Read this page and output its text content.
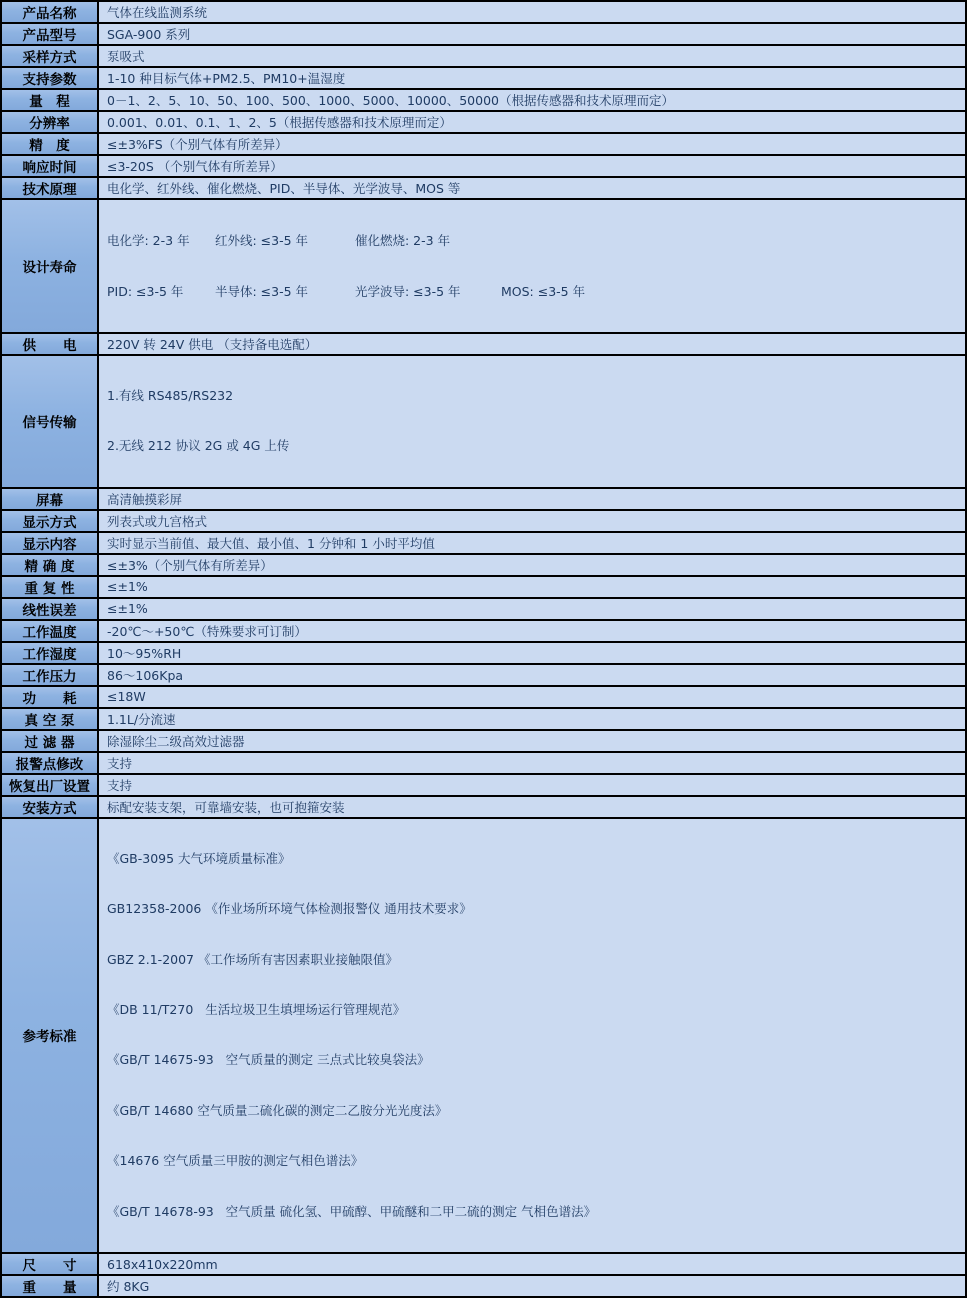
产品名称	气体在线监测系统
产品型号	SGA-900 系列
采样方式	泵吸式
支持参数	1-10 种目标气体+PM2.5、PM10+温湿度
量　程	0－1、2、5、10、50、100、500、1000、5000、10000、50000（根据传感器和技术原理而定）
分辨率	0.001、0.01、0.1、1、2、5（根据传感器和技术原理而定）
精　度	≤±3%FS（个别气体有所差异）
响应时间	≤3-20S （个别气体有所差异）
技术原理	电化学、红外线、催化燃烧、PID、半导体、光学波导、MOS 等
设计寿命	

电化学: 2-3 年	红外线: ≤3-5 年	催化燃烧: 2-3 年

PID: ≤3-5 年	半导体: ≤3-5 年	光学波导: ≤3-5 年	MOS: ≤3-5 年

供　　电	220V 转 24V 供电 （支持备电选配）
信号传输	1.有线 RS485/RS232

2.无线 212 协议 2G 或 4G 上传

屏幕	高清触摸彩屏
显示方式	列表式或九宫格式
显示内容	实时显示当前值、最大值、最小值、1 分钟和 1 小时平均值
精 确 度	≤±3%（个别气体有所差异）
重 复 性	≤±1%
线性误差	≤±1%
工作温度	-20℃～+50℃（特殊要求可订制）
工作湿度	10～95%RH
工作压力	86～106Kpa
功　　耗	≤18W
真 空 泵	1.1L/分流速
过 滤 器	除湿除尘二级高效过滤器
报警点修改	支持
恢复出厂设置	支持
安装方式	标配安装支架，可靠墙安装，也可抱箍安装
参考标准	

《GB-3095 大气环境质量标准》

GB12358-2006 《作业场所环境气体检测报警仪 通用技术要求》

GBZ 2.1-2007 《工作场所有害因素职业接触限值》

《DB 11/T270   生活垃圾卫生填埋场运行管理规范》

《GB/T 14675-93   空气质量的测定 三点式比较臭袋法》

《GB/T 14680 空气质量二硫化碳的测定二乙胺分光光度法》

《14676 空气质量三甲胺的测定气相色谱法》

《GB/T 14678-93   空气质量 硫化氢、甲硫醇、甲硫醚和二甲二硫的测定 气相色谱法》

尺　　寸	618x410x220mm
重　　量	约 8KG
